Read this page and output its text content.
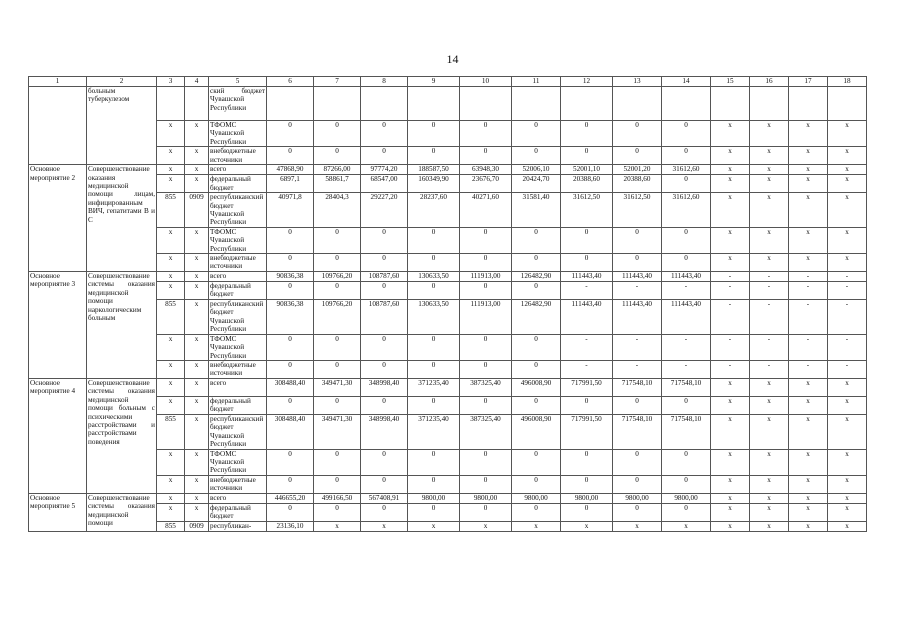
14
1	2	3	4	5	6	7	8	9	10	11	12	13	14	15	16	17	18
	больным туберкулезом			ский бюджет Чувашской Республики													
		x	x	ТФОМС Чувашской Республики	0	0	0	0	0	0	0	0	0	x	x	x	x
		x	x	внебюджетные источники	0	0	0	0	0	0	0	0	0	x	x	x	x
Основное мероприятие 2	Совершенствование оказания медицинской помощи лицам, инфицированным ВИЧ, гепатитами В и С	x	x	всего	47868,90	87266,00	97774,20	188587,50	63948,30	52006,10	52001,10	52001,20	31612,60	x	x	x	x
		x	x	федеральный бюджет	6897,1	58861,7	68547,00	160349,90	23676,70	20424,70	20388,60	20388,60	0	x	x	x	x
		855	0909	республиканский бюджет Чувашской Республики	40971,8	28404,3	29227,20	28237,60	40271,60	31581,40	31612,50	31612,50	31612,60	x	x	x	x
		x	x	ТФОМС Чувашской Республики	0	0	0	0	0	0	0	0	0	x	x	x	x
		x	x	внебюджетные источники	0	0	0	0	0	0	0	0	0	x	x	x	x
Основное мероприятие 3	Совершенствование системы оказания медицинской помощи наркологическим больным	x	x	всего	90836,38	109766,20	108787,60	130633,50	111913,00	126482,90	111443,40	111443,40	111443,40	-	-	-	-
		x	x	федеральный бюджет	0	0	0	0	0	0	-	-	-	-	-	-	-
		855	x	республиканский бюджет Чувашской Республики	90836,38	109766,20	108787,60	130633,50	111913,00	126482,90	111443,40	111443,40	111443,40	-	-	-	-
		x	x	ТФОМС Чувашской Республики	0	0	0	0	0	0	-	-	-	-	-	-	-
		x	x	внебюджетные источники	0	0	0	0	0	0	-	-	-	-	-	-	-
Основное мероприятие 4	Совершенствование системы оказания медицинской помощи больным с психическими расстройствами и расстройствами поведения	x	x	всего	308488,40	349471,30	348998,40	371235,40	387325,40	496008,90	717991,50	717548,10	717548,10	x	x	x	x
		x	x	федеральный бюджет	0	0	0	0	0	0	0	0	0	x	x	x	x
		855	x	республиканский бюджет Чувашской Республики	308488,40	349471,30	348998,40	371235,40	387325,40	496008,90	717991,50	717548,10	717548,10	x	x	x	x
		x	x	ТФОМС Чувашской Республики	0	0	0	0	0	0	0	0	0	x	x	x	x
		x	x	внебюджетные источники	0	0	0	0	0	0	0	0	0	x	x	x	x
Основное мероприятие 5	Совершенствование системы оказания медицинской помощи	x	x	всего	446655,20	499166,50	567408,91	9800,00	9800,00	9800,00	9800,00	9800,00	9800,00	x	x	x	x
		x	x	федеральный бюджет	0	0	0	0	0	0	0	0	0	x	x	x	x
		855	0909	республикан-	23136,10	x	x	x	x	x	x	x	x	x	x	x	x
